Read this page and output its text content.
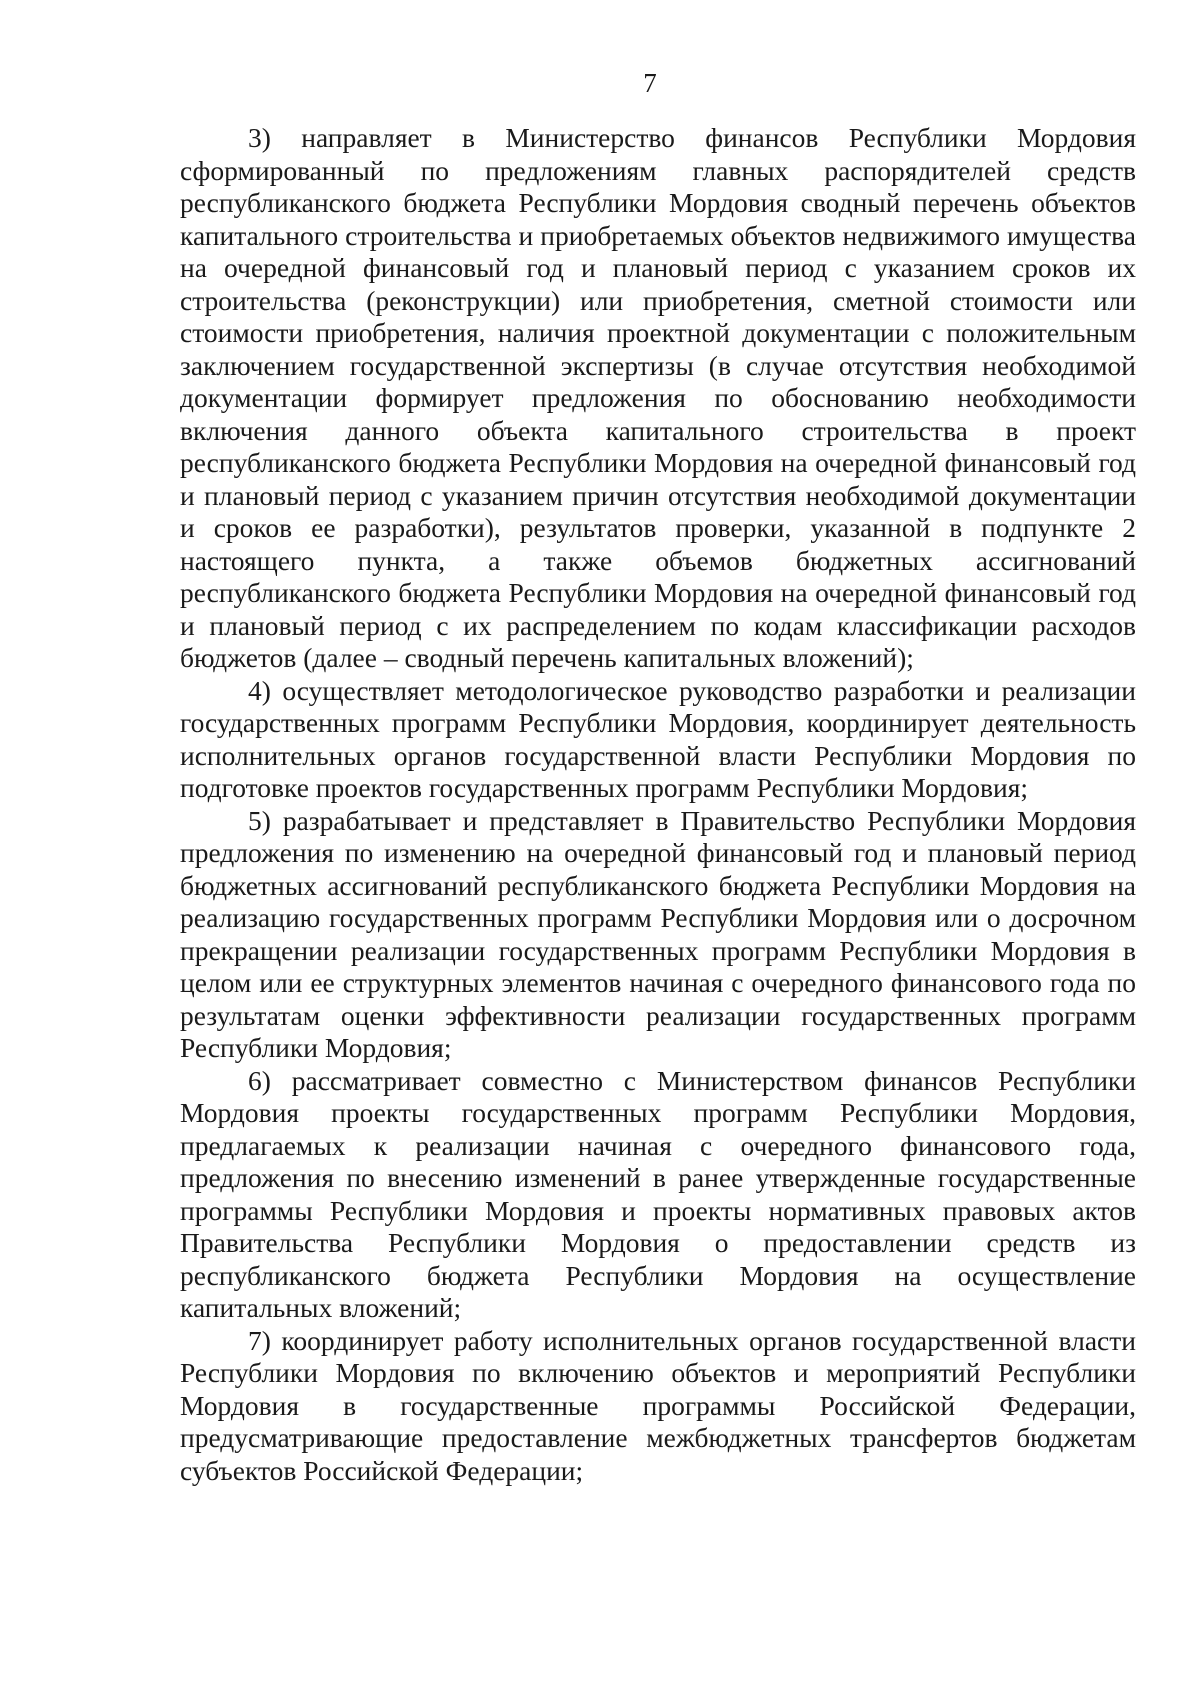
7

3) направляет в Министерство финансов Республики Мордовия сформированный по предложениям главных распорядителей средств республиканского бюджета Республики Мордовия сводный перечень объектов капитального строительства и приобретаемых объектов недвижимого имущества на очередной финансовый год и плановый период с указанием сроков их строительства (реконструкции) или приобретения, сметной стоимости или стоимости приобретения, наличия проектной документации с положительным заключением государственной экспертизы (в случае отсутствия необходимой документации формирует предложения по обоснованию необходимости включения данного объекта капитального строительства в проект республиканского бюджета Республики Мордовия на очередной финансовый год и плановый период с указанием причин отсутствия необходимой документации и сроков ее разработки), результатов проверки, указанной в подпункте 2 настоящего пункта, а также объемов бюджетных ассигнований республиканского бюджета Республики Мордовия на очередной финансовый год и плановый период с их распределением по кодам классификации расходов бюджетов (далее – сводный перечень капитальных вложений);

4) осуществляет методологическое руководство разработки и реализации государственных программ Республики Мордовия, координирует деятельность исполнительных органов государственной власти Республики Мордовия по подготовке проектов государственных программ Республики Мордовия;

5) разрабатывает и представляет в Правительство Республики Мордовия предложения по изменению на очередной финансовый год и плановый период бюджетных ассигнований республиканского бюджета Республики Мордовия на реализацию государственных программ Республики Мордовия или о досрочном прекращении реализации государственных программ Республики Мордовия в целом или ее структурных элементов начиная с очередного финансового года по результатам оценки эффективности реализации государственных программ Республики Мордовия;

6) рассматривает совместно с Министерством финансов Республики Мордовия проекты государственных программ Республики Мордовия, предлагаемых к реализации начиная с очередного финансового года, предложения по внесению изменений в ранее утвержденные государственные программы Республики Мордовия и проекты нормативных правовых актов Правительства Республики Мордовия о предоставлении средств из республиканского бюджета Республики Мордовия на осуществление капитальных вложений;

7) координирует работу исполнительных органов государственной власти Республики Мордовия по включению объектов и мероприятий Республики Мордовия в государственные программы Российской Федерации, предусматривающие предоставление межбюджетных трансфертов бюджетам субъектов Российской Федерации;
